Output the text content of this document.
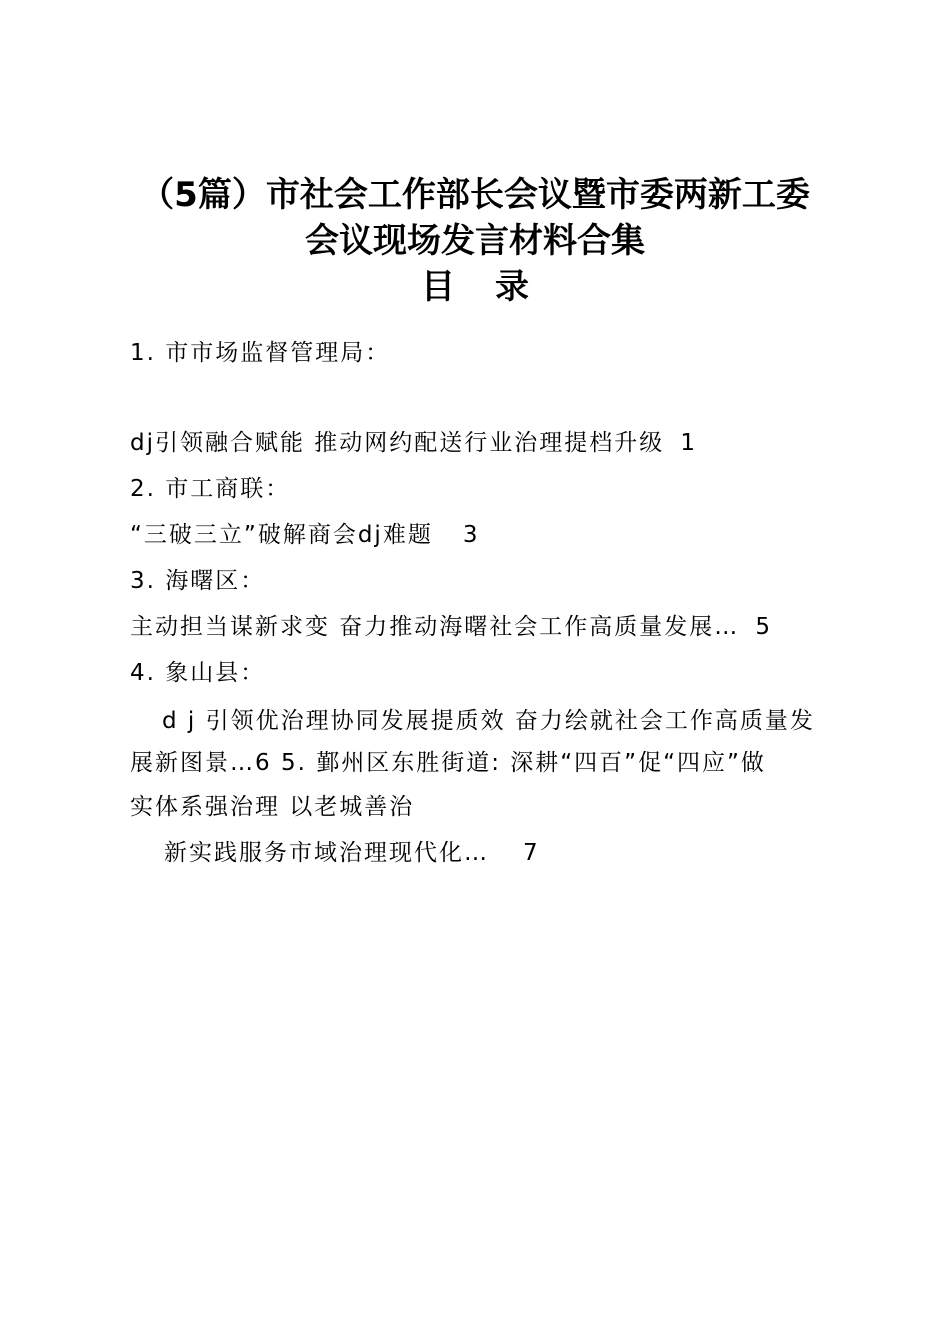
（5篇）市社会工作部长会议暨市委两新工委
会议现场发言材料合集
目录
1. 市市场监督管理局：
dj引领融合赋能 推动网约配送行业治理提档升级 1
2. 市工商联：
“三破三立”破解商会dj难题 3
3. 海曙区：
主动担当谋新求变 奋力推动海曙社会工作高质量发展… 5
4. 象山县：
d j 引领优治理协同发展提质效 奋力绘就社会工作高质量发
展新图景…6 5. 鄞州区东胜街道: 深耕“四百”促“四应”做
实体系强治理 以老城善治
新实践服务市域治理现代化… 7
